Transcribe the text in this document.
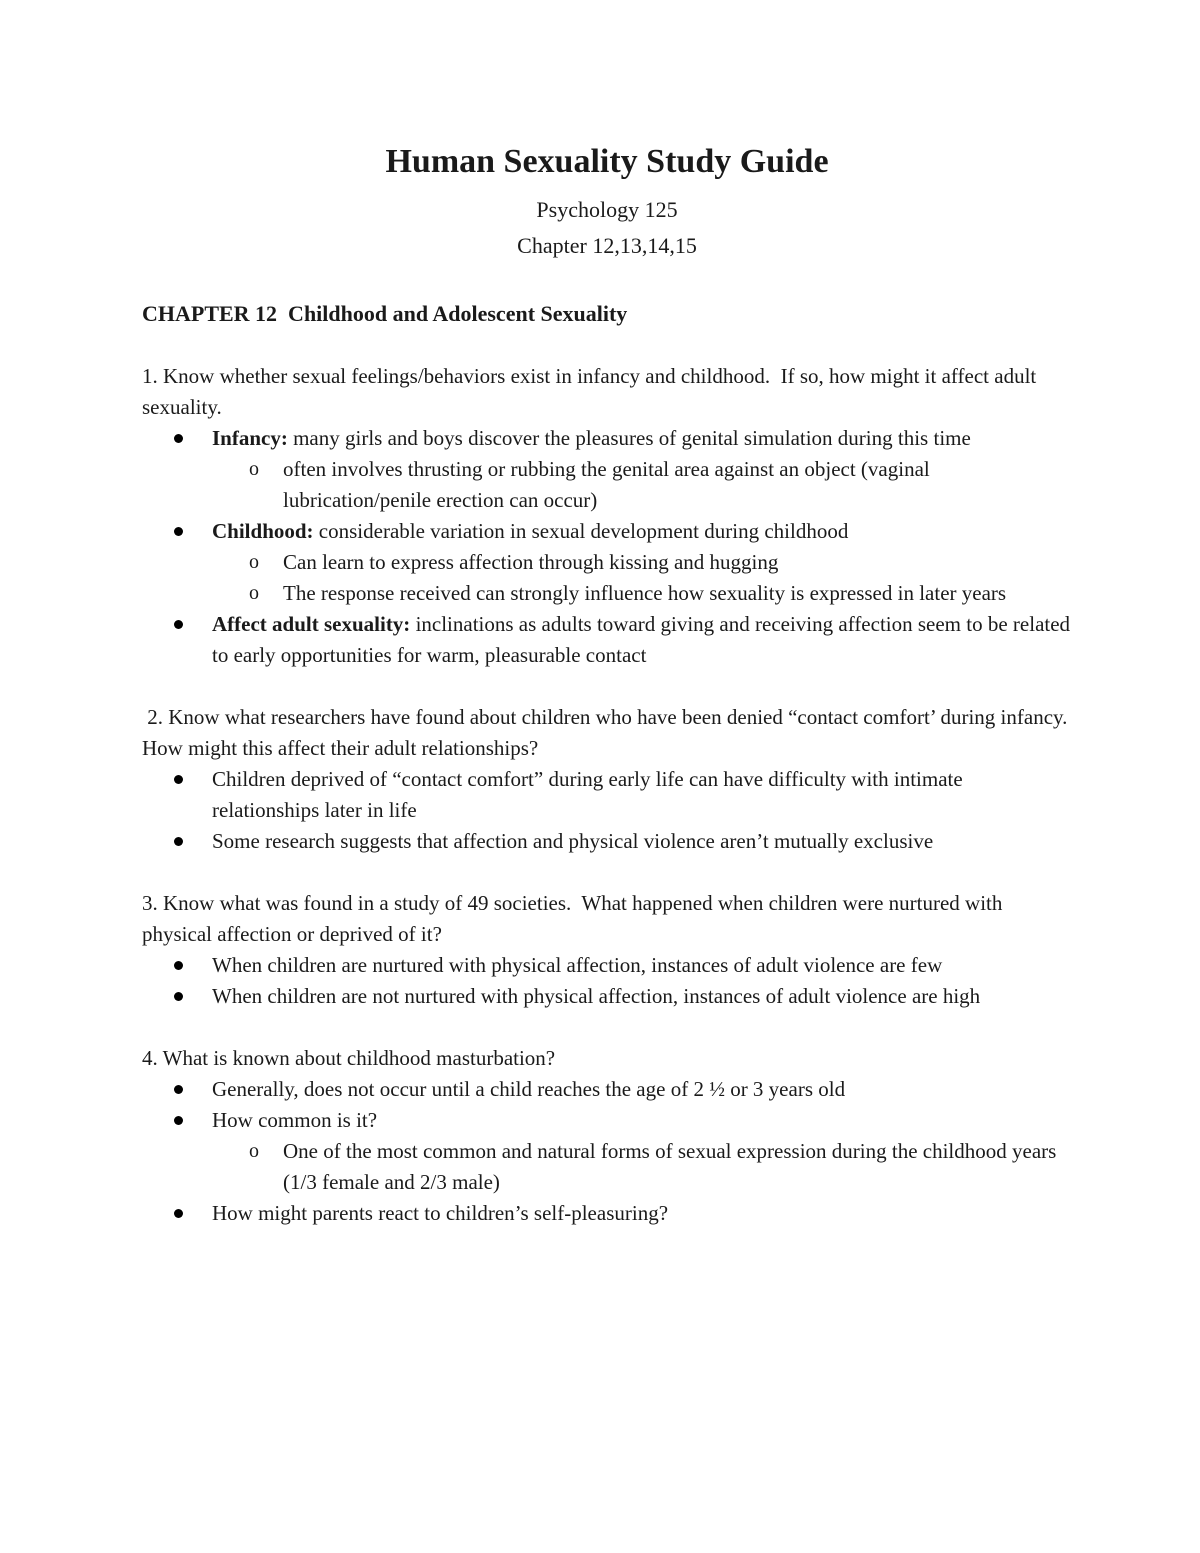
Human Sexuality Study Guide

Psychology 125

Chapter 12,13,14,15

CHAPTER 12  Childhood and Adolescent Sexuality
1. Know whether sexual feelings/behaviors exist in infancy and childhood.  If so, how might it affect adult sexuality.
Infancy: many girls and boys discover the pleasures of genital simulation during this time
o often involves thrusting or rubbing the genital area against an object (vaginal lubrication/penile erection can occur)
Childhood: considerable variation in sexual development during childhood
o Can learn to express affection through kissing and hugging
o The response received can strongly influence how sexuality is expressed in later years
Affect adult sexuality: inclinations as adults toward giving and receiving affection seem to be related to early opportunities for warm, pleasurable contact
2. Know what researchers have found about children who have been denied “contact comfort’ during infancy. How might this affect their adult relationships?
Children deprived of “contact comfort” during early life can have difficulty with intimate relationships later in life
Some research suggests that affection and physical violence aren’t mutually exclusive
3. Know what was found in a study of 49 societies.  What happened when children were nurtured with physical affection or deprived of it?
When children are nurtured with physical affection, instances of adult violence are few
When children are not nurtured with physical affection, instances of adult violence are high
4. What is known about childhood masturbation?
Generally, does not occur until a child reaches the age of 2 ½ or 3 years old
How common is it?
o One of the most common and natural forms of sexual expression during the childhood years (1/3 female and 2/3 male)
How might parents react to children’s self-pleasuring?
